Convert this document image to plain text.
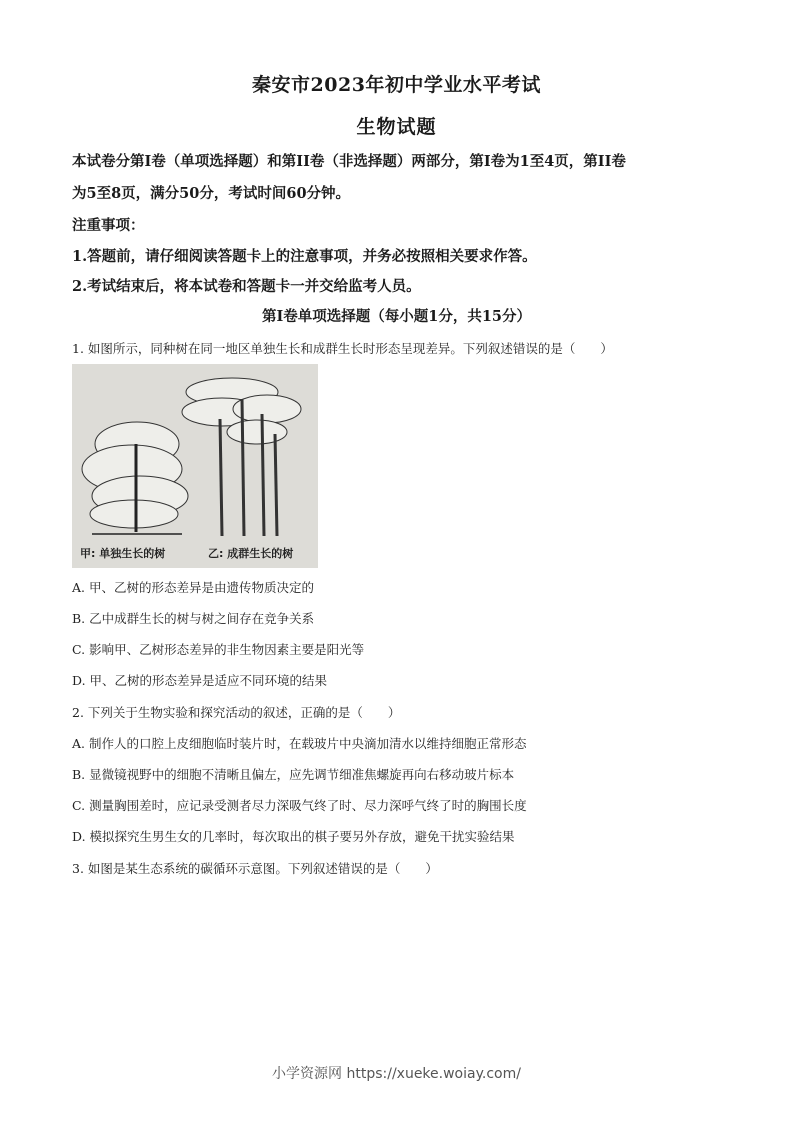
秦安市2023年初中学业水平考试
生物试题
本试卷分第I卷（单项选择题）和第II卷（非选择题）两部分，第I卷为1至4页，第II卷
为5至8页，满分50分，考试时间60分钟。
注重事项：
1.答题前，请仔细阅读答题卡上的注意事项，并务必按照相关要求作答。
2.考试结束后，将本试卷和答题卡一并交给监考人员。
第I卷单项选择题（每小题1分，共15分）
1. 如图所示，同种树在同一地区单独生长和成群生长时形态呈现差异。下列叙述错误的是（　　）
甲: 单独生长的树	乙: 成群生长的树
A. 甲、乙树的形态差异是由遗传物质决定的
B. 乙中成群生长的树与树之间存在竞争关系
C. 影响甲、乙树形态差异的非生物因素主要是阳光等
D. 甲、乙树的形态差异是适应不同环境的结果
2. 下列关于生物实验和探究活动的叙述，正确的是（　　）
A. 制作人的口腔上皮细胞临时装片时，在载玻片中央滴加清水以维持细胞正常形态
B. 显微镜视野中的细胞不清晰且偏左，应先调节细准焦螺旋再向右移动玻片标本
C. 测量胸围差时，应记录受测者尽力深吸气终了时、尽力深呼气终了时的胸围长度
D. 模拟探究生男生女的几率时，每次取出的棋子要另外存放，避免干扰实验结果
3. 如图是某生态系统的碳循环示意图。下列叙述错误的是（　　）
小学资源网 https://xueke.woiay.com/
